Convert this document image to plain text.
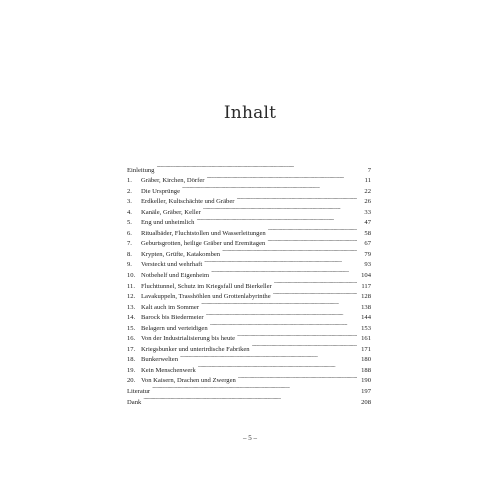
Inhalt
Einleitung . . .	7
1.	Gräber, Kirchen, Dörfer . . .	11
2.	Die Ursprünge . . .	22
3.	Erdkeller, Kultschächte und Gräber . . .	26
4.	Kanäle, Gräber, Keller . . .	33
5.	Eng und unheimlich . . .	47
6.	Ritualbäder, Fluchtstollen und Wasserleitungen . . .	58
7.	Geburtsgrotten, heilige Gräber und Eremitagen . . .	67
8.	Krypten, Grüfte, Katakomben . . .	79
9.	Versteckt und wehrhaft . . .	93
10. Notbehelf und Eigenheim . . .	104
11. Fluchttunnel, Schutz im Kriegsfall und Bierkeller . . .	117
12. Lavakuppeln, Trasshöhlen und Grottenlabyrinthe . . .	128
13. Kalt auch im Sommer . . .	138
14. Barock bis Biedermeier . . .	144
15. Belagern und verteidigen . . .	153
16. Von der Industrialisierung bis heute . . .	161
17. Kriegsbunker und unterirdische Fabriken . . .	171
18. Bunkerwelten . . .	180
19. Kein Menschenwerk . . .	188
20. Von Kaisern, Drachen und Zwergen . . .	190
Literatur . . .	197
Dank . . .	208
– 5 –
